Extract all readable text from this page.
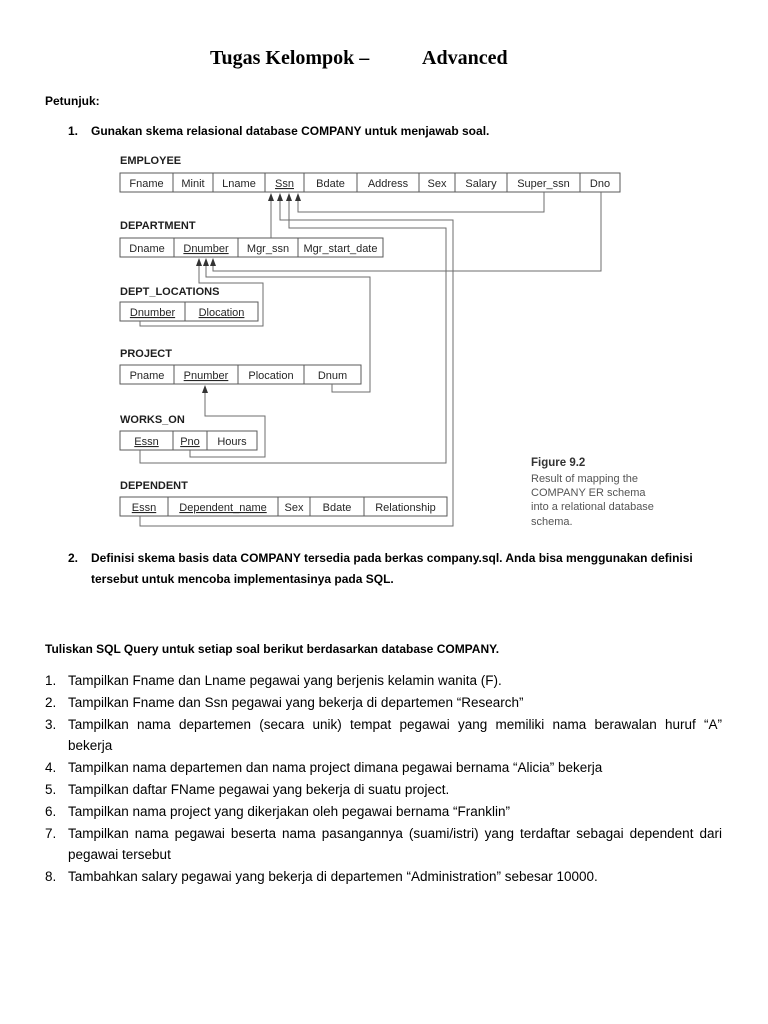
Tugas Kelompok –	Advanced
Petunjuk:
1. Gunakan skema relasional database COMPANY untuk menjawab soal.
EMPLOYEE
Fname Minit Lname Ssn Bdate Address Sex Salary Super_ssn Dno
DEPARTMENT
Dname Dnumber Mgr_ssn Mgr_start_date
DEPT_LOCATIONS
Dnumber Dlocation
PROJECT
Pname Pnumber Plocation Dnum
WORKS_ON
Essn Pno Hours
DEPENDENT
Essn Dependent_name Sex Bdate Relationship
Figure 9.2
Result of mapping the
COMPANY ER schema
into a relational database
schema.
2. Definisi skema basis data COMPANY tersedia pada berkas company.sql. Anda bisa menggunakan definisi
tersebut untuk mencoba implementasinya pada SQL.
Tuliskan SQL Query untuk setiap soal berikut berdasarkan database COMPANY.
1. Tampilkan Fname dan Lname pegawai yang berjenis kelamin wanita (F).
2. Tampilkan Fname dan Ssn pegawai yang bekerja di departemen “Research”
3. Tampilkan nama departemen (secara unik) tempat pegawai yang memiliki nama berawalan huruf “A”
bekerja
4. Tampilkan nama departemen dan nama project dimana pegawai bernama “Alicia” bekerja
5. Tampilkan daftar FName pegawai yang bekerja di suatu project.
6. Tampilkan nama project yang dikerjakan oleh pegawai bernama “Franklin”
7. Tampilkan nama pegawai beserta nama pasangannya (suami/istri) yang terdaftar sebagai dependent dari
pegawai tersebut
8. Tambahkan salary pegawai yang bekerja di departemen “Administration” sebesar 10000.
